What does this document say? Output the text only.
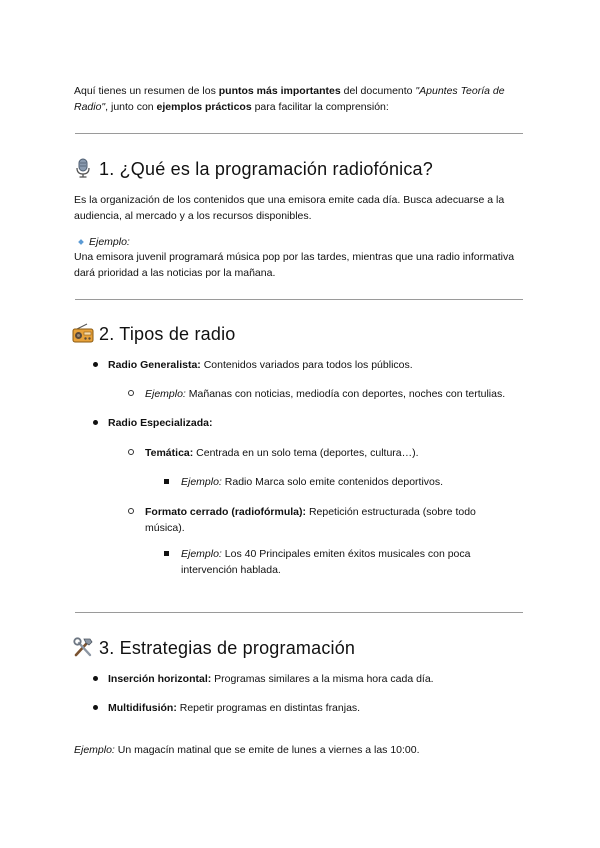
Aquí tienes un resumen de los puntos más importantes del documento "Apuntes Teoría de Radio", junto con ejemplos prácticos para facilitar la comprensión:

1. ¿Qué es la programación radiofónica?

Es la organización de los contenidos que una emisora emite cada día. Busca adecuarse a la audiencia, al mercado y a los recursos disponibles.

Ejemplo:

Una emisora juvenil programará música pop por las tardes, mientras que una radio informativa dará prioridad a las noticias por la mañana.

2. Tipos de radio

Radio Generalista: Contenidos variados para todos los públicos.

Ejemplo: Mañanas con noticias, mediodía con deportes, noches con tertulias.

Radio Especializada:

Temática: Centrada en un solo tema (deportes, cultura…).

Ejemplo: Radio Marca solo emite contenidos deportivos.

Formato cerrado (radiofórmula): Repetición estructurada (sobre todo música).

Ejemplo: Los 40 Principales emiten éxitos musicales con poca intervención hablada.

3. Estrategias de programación

Inserción horizontal: Programas similares a la misma hora cada día.

Multidifusión: Repetir programas en distintas franjas.

Ejemplo: Un magacín matinal que se emite de lunes a viernes a las 10:00.
